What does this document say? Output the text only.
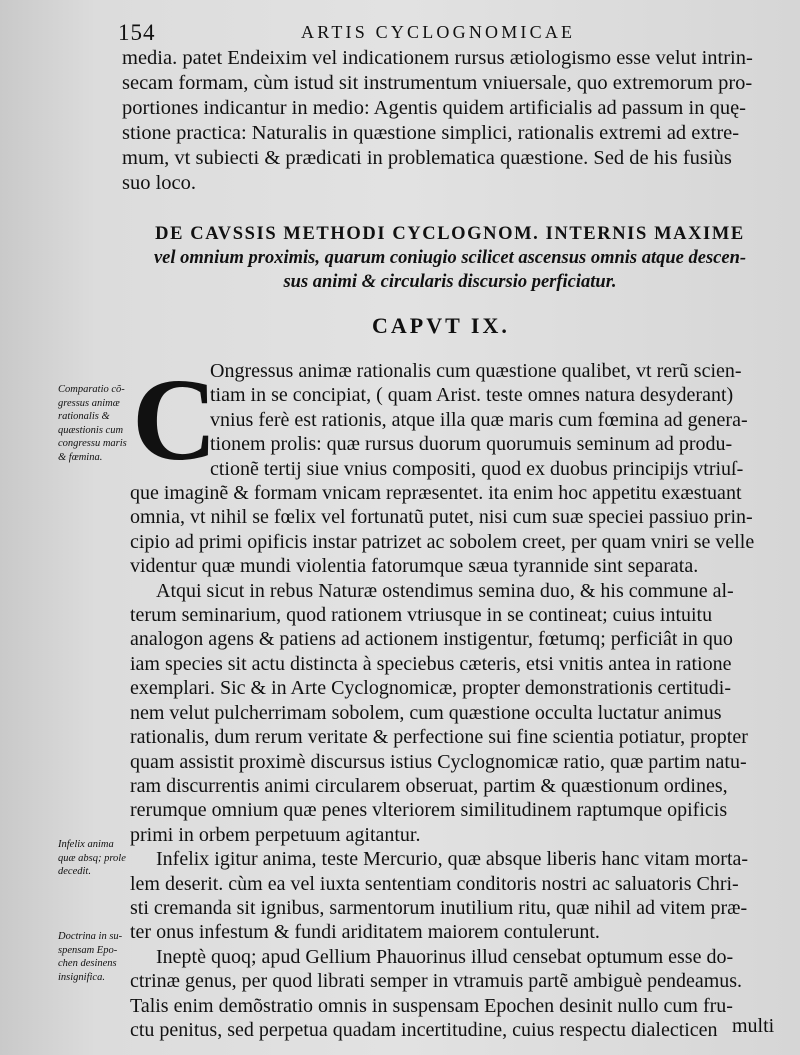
154	ARTIS CYCLOGNOMICAE

media. patet Endeixim vel indicationem rursus ætiologismo esse velut intrin-
secam formam, cùm istud sit instrumentum vniuersale, quo extremorum pro-
portiones indicantur in medio: Agentis quidem artificialis ad passum in quę-
stione practica: Naturalis in quæstione simplici, rationalis extremi ad extre-
mum, vt subiecti & prædicati in problematica quæstione. Sed de his fusiùs
suo loco.

DE CAVSSIS METHODI CYCLOGNOM. INTERNIS MAXIME
vel omnium proximis, quarum coniugio scilicet ascensus omnis atque descen-
sus animi & circularis discursio perficiatur.
CAPVT IX.
C
Ongressus animæ rationalis cum quæstione qualibet, vt rerũ scien-
tiam in se concipiat, ( quam Arist. teste omnes natura desyderant)
vnius ferè est rationis, atque illa quæ maris cum fœmina ad genera-
tionem prolis: quæ rursus duorum quorumuis seminum ad produ-
ctionẽ tertij siue vnius compositi, quod ex duobus principijs vtriuſ-
que imaginẽ & formam vnicam repræsentet. ita enim hoc appetitu exæstuant
omnia, vt nihil se fœlix vel fortunatũ putet, nisi cum suæ speciei passiuo prin-
cipio ad primi opificis instar patrizet ac sobolem creet, per quam vniri se velle
videntur quæ mundi violentia fatorumque sæua tyrannide sint separata.
Atqui sicut in rebus Naturæ ostendimus semina duo, & his commune al-
terum seminarium, quod rationem vtriusque in se contineat; cuius intuitu
analogon agens & patiens ad actionem instigentur, fœtumq; perficiât in quo
iam species sit actu distincta à speciebus cæteris, etsi vnitis antea in ratione
exemplari. Sic & in Arte Cyclognomicæ, propter demonstrationis certitudi-
nem velut pulcherrimam sobolem, cum quæstione occulta luctatur animus
rationalis, dum rerum veritate & perfectione sui fine scientia potiatur, propter
quam assistit proximè discursus istius Cyclognomicæ ratio, quæ partim natu-
ram discurrentis animi circularem obseruat, partim & quæstionum ordines,
rerumque omnium quæ penes vlteriorem similitudinem raptumque opificis
primi in orbem perpetuum agitantur.
Infelix igitur anima, teste Mercurio, quæ absque liberis hanc vitam morta-
lem deserit. cùm ea vel iuxta sententiam conditoris nostri ac saluatoris Chri-
sti cremanda sit ignibus, sarmentorum inutilium ritu, quæ nihil ad vitem præ-
ter onus infestum & fundi ariditatem maiorem contulerunt.
Ineptè quoq; apud Gellium Phauorinus illud censebat optumum esse do-
ctrinæ genus, per quod librati semper in vtramuis partẽ ambiguè pendeamus.
Talis enim demõstratio omnis in suspensam Epochen desinit nullo cum fru-
ctu penitus, sed perpetua quadam incertitudine, cuius respectu dialecticen multi
Comparatio cõ-
gressus animæ
rationalis &
quæstionis cum
congressu maris
& fœmina.
Infelix anima
quæ absq; prole
decedit.
Doctrina in su-
spensam Epo-
chen desinens
insignifica.
